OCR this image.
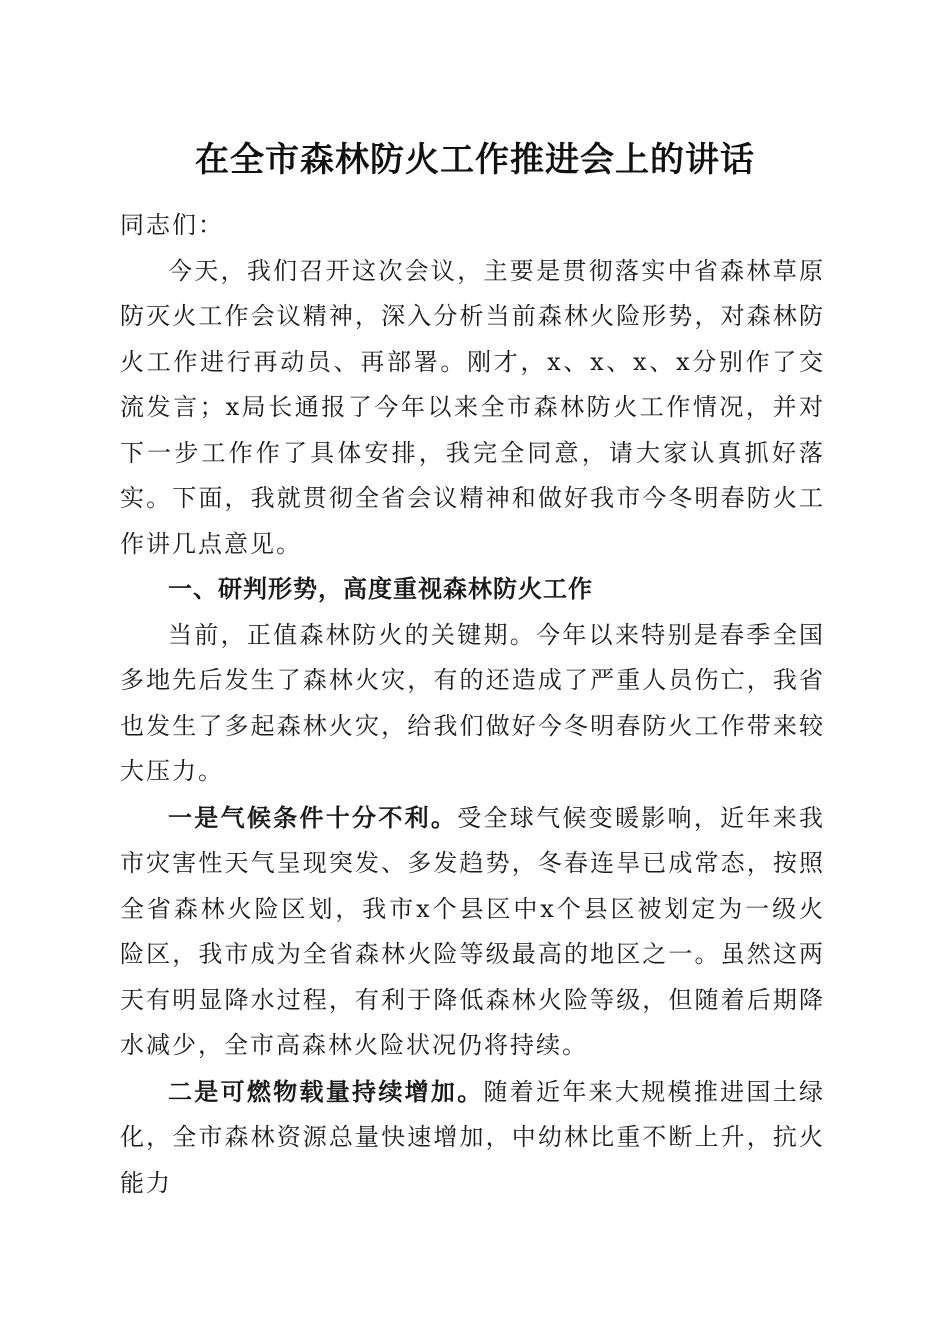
在全市森林防火工作推进会上的讲话

同志们：

今天，我们召开这次会议，主要是贯彻落实中省森林草原防灭火工作会议精神，深入分析当前森林火险形势，对森林防火工作进行再动员、再部署。刚才，x、x、x、x分别作了交流发言；x局长通报了今年以来全市森林防火工作情况，并对下一步工作作了具体安排，我完全同意，请大家认真抓好落实。下面，我就贯彻全省会议精神和做好我市今冬明春防火工作讲几点意见。

一、研判形势，高度重视森林防火工作

当前，正值森林防火的关键期。今年以来特别是春季全国多地先后发生了森林火灾，有的还造成了严重人员伤亡，我省也发生了多起森林火灾，给我们做好今冬明春防火工作带来较大压力。

一是气候条件十分不利。受全球气候变暖影响，近年来我市灾害性天气呈现突发、多发趋势，冬春连旱已成常态，按照全省森林火险区划，我市x个县区中x个县区被划定为一级火险区，我市成为全省森林火险等级最高的地区之一。虽然这两天有明显降水过程，有利于降低森林火险等级，但随着后期降水减少，全市高森林火险状况仍将持续。

二是可燃物载量持续增加。随着近年来大规模推进国土绿化，全市森林资源总量快速增加，中幼林比重不断上升，抗火能力
